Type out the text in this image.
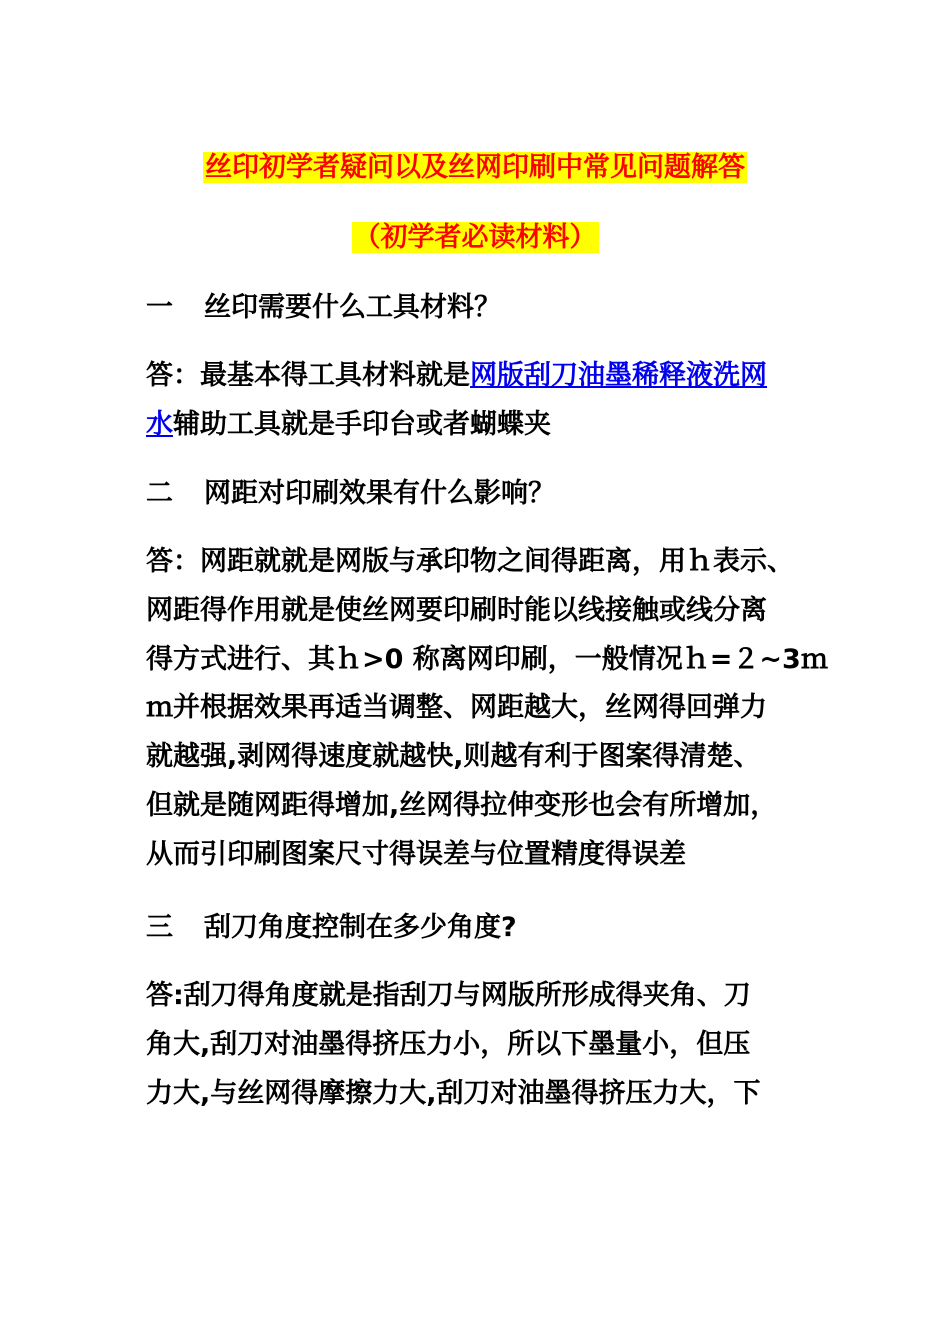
丝印初学者疑问以及丝网印刷中常见问题解答
（初学者必读材料）
一 丝印需要什么工具材料？
答：最基本得工具材料就是网版刮刀油墨稀释液洗网
水辅助工具就是手印台或者蝴蝶夹
二 网距对印刷效果有什么影响？
答：网距就就是网版与承印物之间得距离，用ｈ表示、
网距得作用就是使丝网要印刷时能以线接触或线分离
得方式进行、其ｈ>0 称离网印刷，一般情况ｈ=２~3ｍ
ｍ并根据效果再适当调整、网距越大，丝网得回弹力
就越强,剥网得速度就越快,则越有利于图案得清楚、
但就是随网距得增加,丝网得拉伸变形也会有所增加，
从而引印刷图案尺寸得误差与位置精度得误差
三 刮刀角度控制在多少角度?
答:刮刀得角度就是指刮刀与网版所形成得夹角、刀
角大,刮刀对油墨得挤压力小，所以下墨量小，但压
力大,与丝网得摩擦力大,刮刀对油墨得挤压力大，下
